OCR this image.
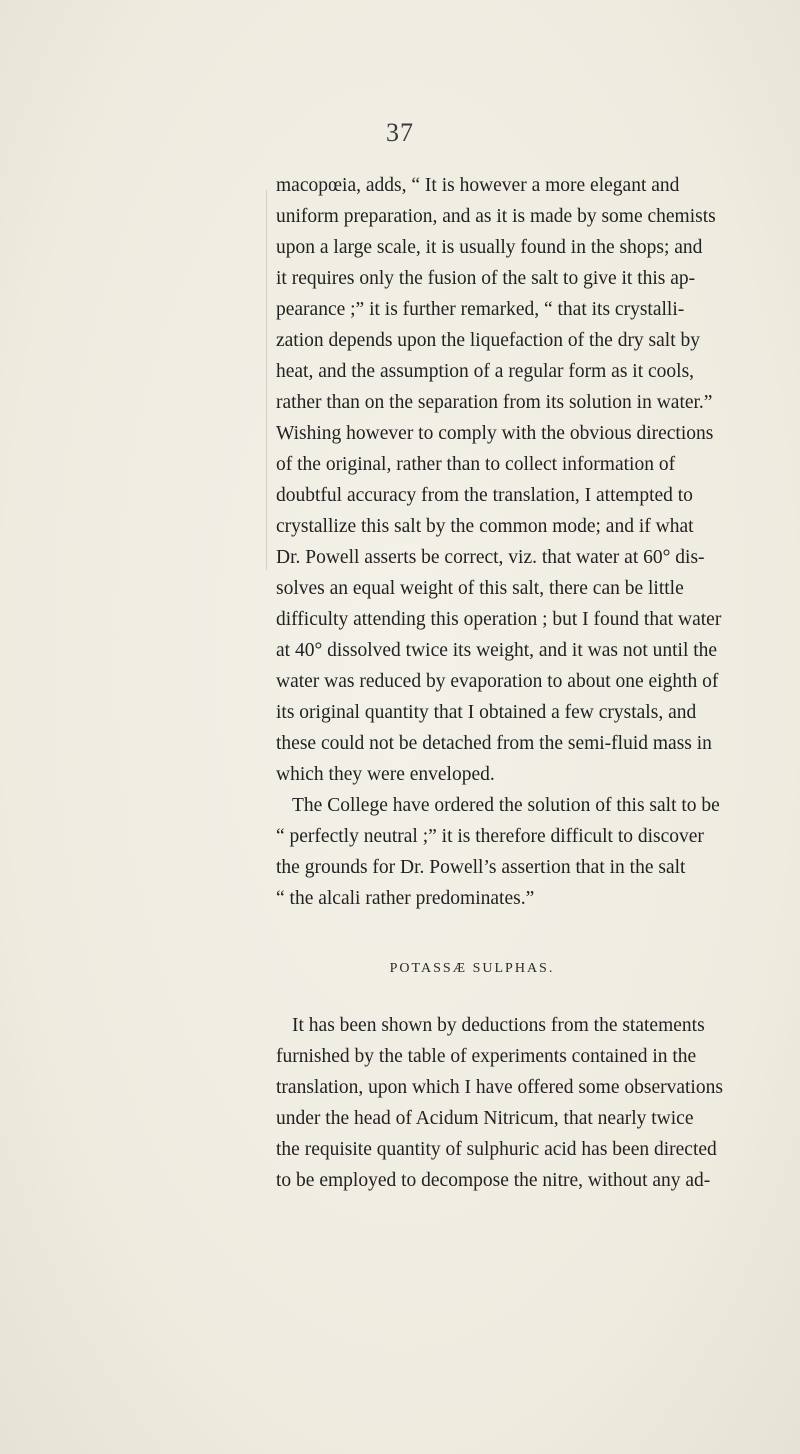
37
macopœia, adds, “ It is however a more elegant and
uniform preparation, and as it is made by some chemists
upon a large scale, it is usually found in the shops; and
it requires only the fusion of the salt to give it this ap-
pearance ;” it is further remarked, “ that its crystalli-
zation depends upon the liquefaction of the dry salt by
heat, and the assumption of a regular form as it cools,
rather than on the separation from its solution in water.”
Wishing however to comply with the obvious directions
of the original, rather than to collect information of
doubtful accuracy from the translation, I attempted to
crystallize this salt by the common mode; and if what
Dr. Powell asserts be correct, viz. that water at 60° dis-
solves an equal weight of this salt, there can be little
difficulty attending this operation ; but I found that water
at 40° dissolved twice its weight, and it was not until the
water was reduced by evaporation to about one eighth of
its original quantity that I obtained a few crystals, and
these could not be detached from the semi-fluid mass in
which they were enveloped.
The College have ordered the solution of this salt to be
“ perfectly neutral ;” it is therefore difficult to discover
the grounds for Dr. Powell’s assertion that in the salt
“ the alcali rather predominates.”
POTASSÆ SULPHAS.
It has been shown by deductions from the statements
furnished by the table of experiments contained in the
translation, upon which I have offered some observations
under the head of Acidum Nitricum, that nearly twice
the requisite quantity of sulphuric acid has been directed
to be employed to decompose the nitre, without any ad-
